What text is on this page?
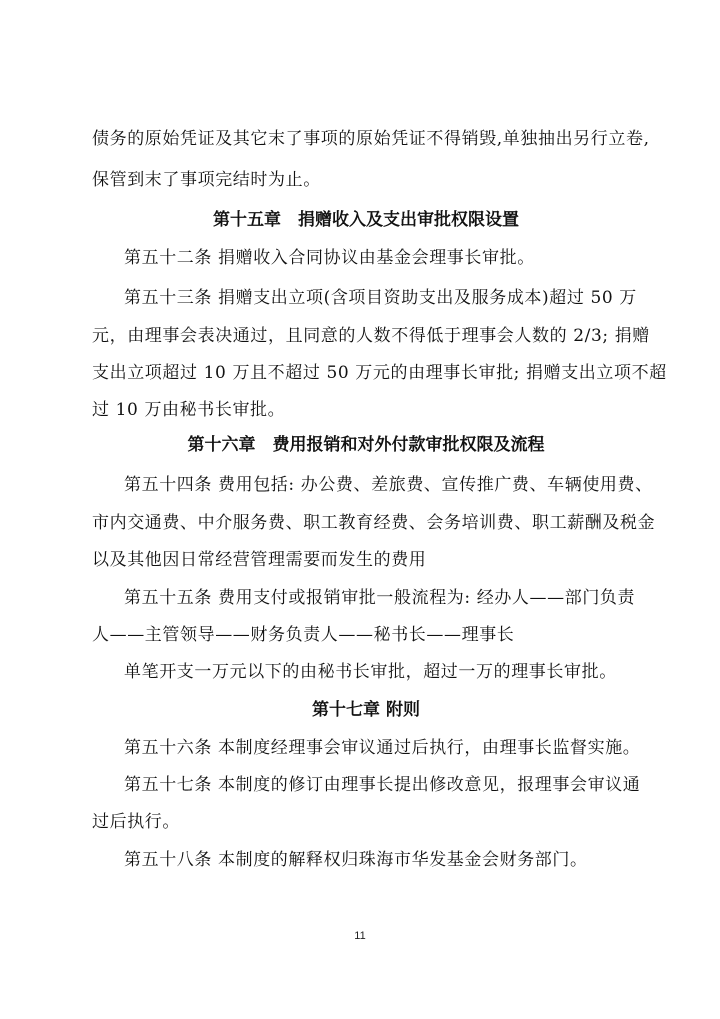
债务的原始凭证及其它末了事项的原始凭证不得销毁,单独抽出另行立卷,
保管到末了事项完结时为止。
第十五章　捐赠收入及支出审批权限设置
第五十二条 捐赠收入合同协议由基金会理事长审批。
第五十三条 捐赠支出立项(含项目资助支出及服务成本)超过 50 万
元，由理事会表决通过，且同意的人数不得低于理事会人数的 2/3; 捐赠
支出立项超过 10 万且不超过 50 万元的由理事长审批; 捐赠支出立项不超
过 10 万由秘书长审批。
第十六章　费用报销和对外付款审批权限及流程
第五十四条 费用包括: 办公费、差旅费、宣传推广费、车辆使用费、
市内交通费、中介服务费、职工教育经费、会务培训费、职工薪酬及税金
以及其他因日常经营管理需要而发生的费用
第五十五条 费用支付或报销审批一般流程为: 经办人——部门负责
人——主管领导——财务负责人——秘书长——理事长
单笔开支一万元以下的由秘书长审批，超过一万的理事长审批。
第十七章 附则
第五十六条 本制度经理事会审议通过后执行，由理事长监督实施。
第五十七条 本制度的修订由理事长提出修改意见，报理事会审议通
过后执行。
第五十八条 本制度的解释权归珠海市华发基金会财务部门。
11
